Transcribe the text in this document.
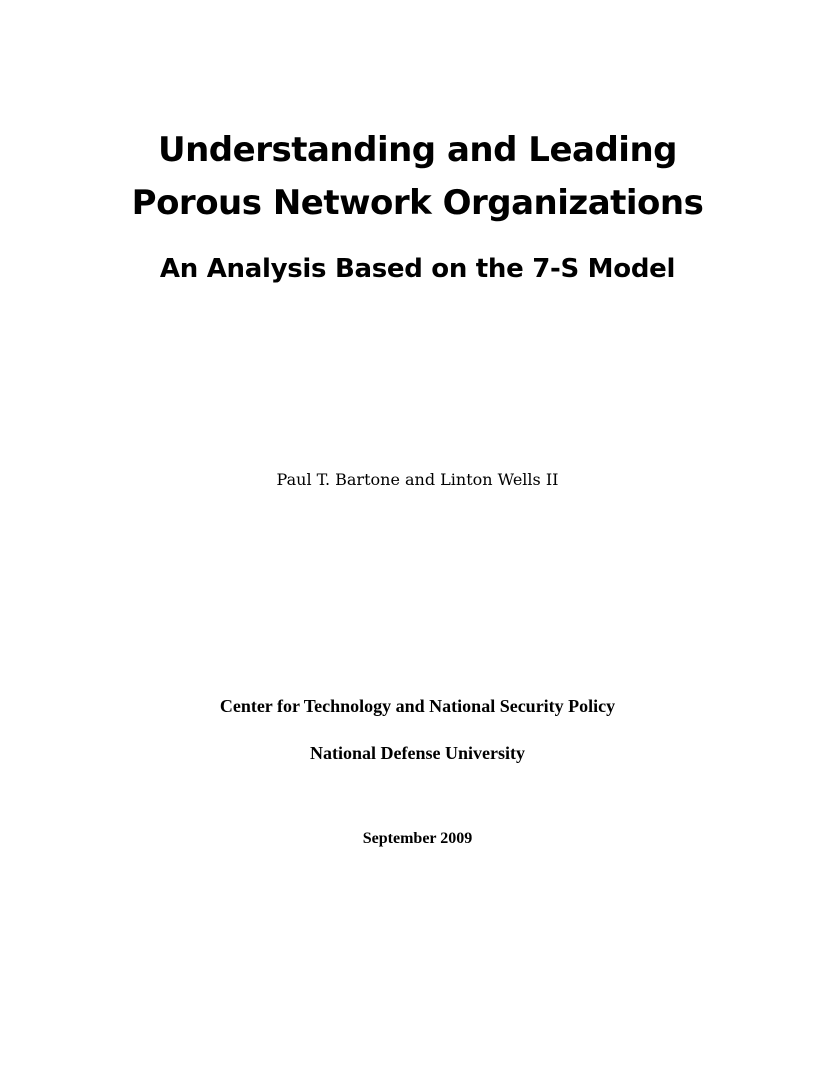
Understanding and Leading
Porous Network Organizations
An Analysis Based on the 7-S Model

Paul T. Bartone and Linton Wells II

Center for Technology and National Security Policy

National Defense University

September 2009
